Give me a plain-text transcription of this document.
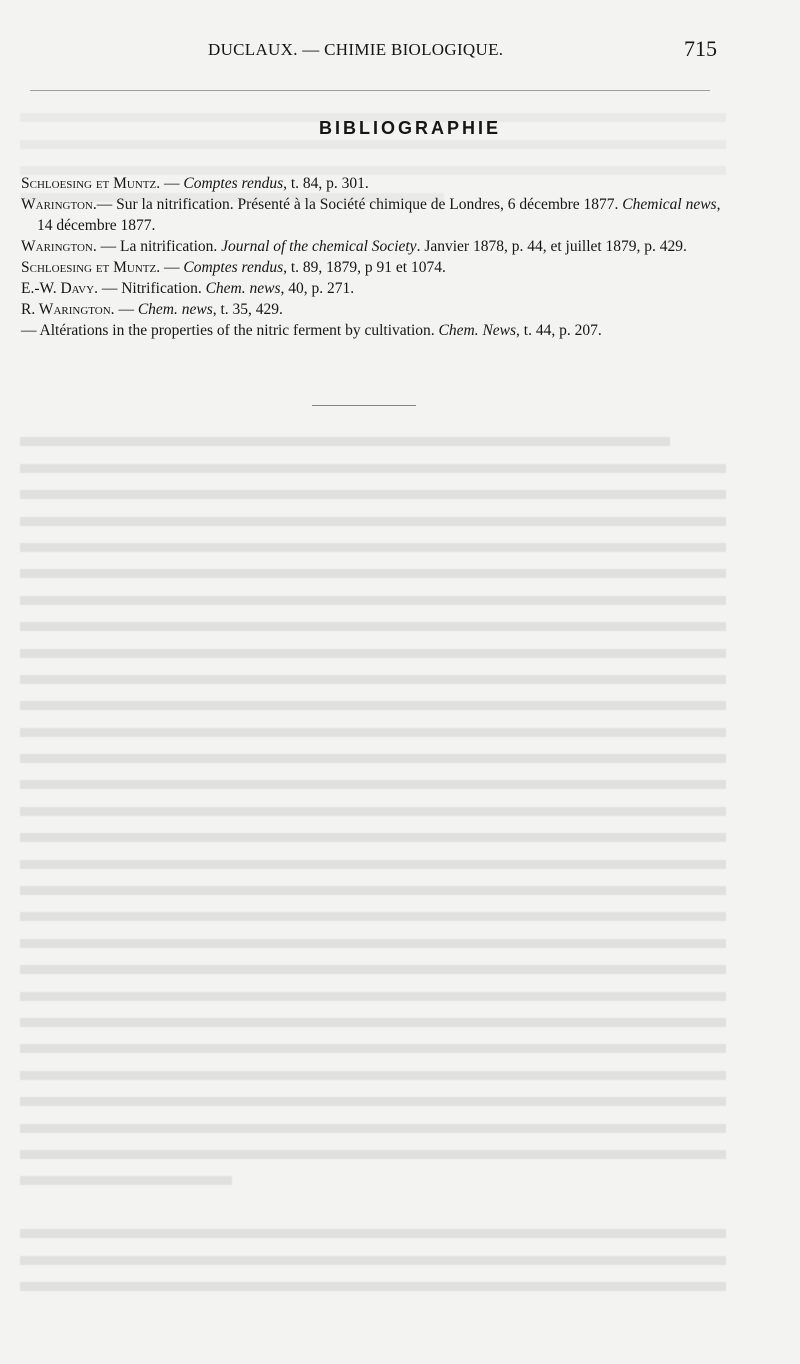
DUCLAUX. — CHIMIE BIOLOGIQUE.	715
BIBLIOGRAPHIE

Schloesing et Muntz. — Comptes rendus, t. 84, p. 301.

Warington.— Sur la nitrification. Présenté à la Société chimique de Londres, 6 décembre 1877. Chemical news, 14 décembre 1877.

Warington. — La nitrification. Journal of the chemical Society. Janvier 1878, p. 44, et juillet 1879, p. 429.

Schloesing et Muntz. — Comptes rendus, t. 89, 1879, p 91 et 1074.

E.-W. Davy. — Nitrification. Chem. news, 40, p. 271.

R. Warington. — Chem. news, t. 35, 429.

— Altérations in the properties of the nitric ferment by cultivation. Chem. News, t. 44, p. 207.
